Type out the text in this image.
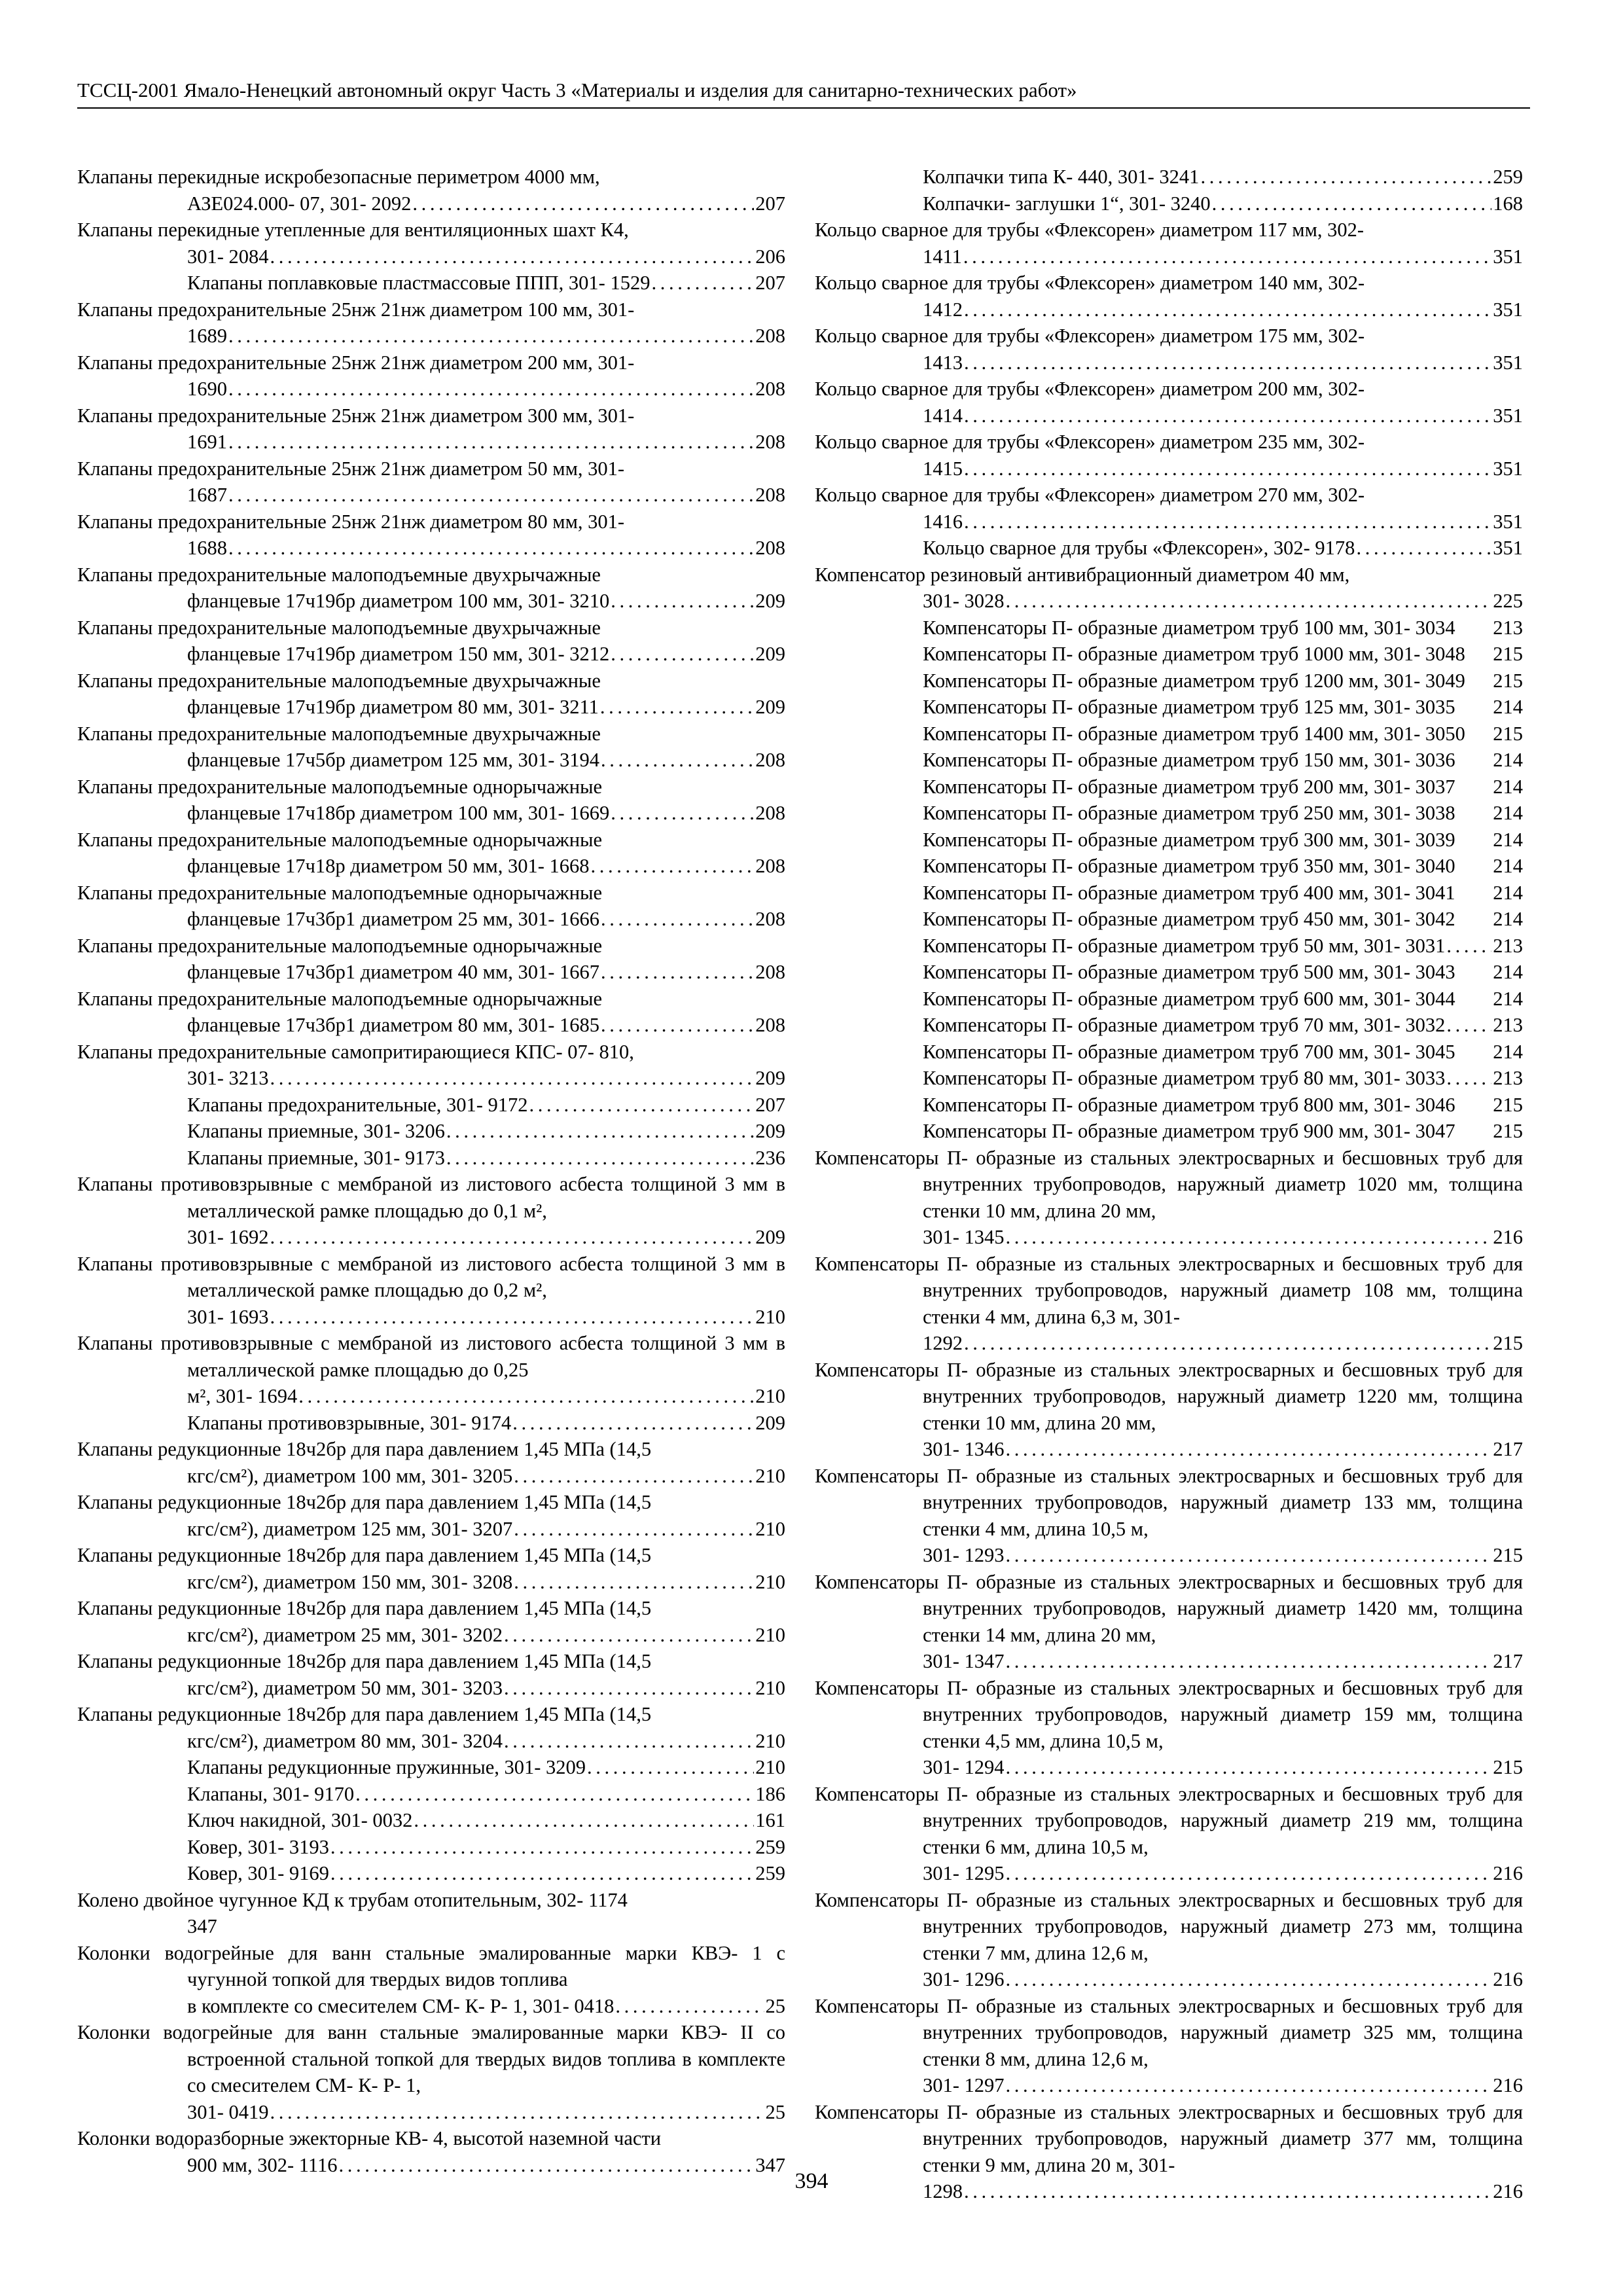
ТССЦ-2001 Ямало-Ненецкий автономный округ Часть 3 «Материалы и изделия для санитарно-технических работ»
Клапаны перекидные искробезопасные периметром 4000 мм,
АЗЕ024.000- 07, 301- 2092 . . .	207
Клапаны перекидные утепленные для вентиляционных шахт К4,
301- 2084 . . .	206
Клапаны поплавковые пластмассовые ППП, 301- 1529 . . .	207
Клапаны предохранительные 25нж 21нж диаметром 100 мм, 301-
1689 . . .	208
Клапаны предохранительные 25нж 21нж диаметром 200 мм, 301-
1690 . . .	208
Клапаны предохранительные 25нж 21нж диаметром 300 мм, 301-
1691 . . .	208
Клапаны предохранительные 25нж 21нж диаметром 50 мм, 301-
1687 . . .	208
Клапаны предохранительные 25нж 21нж диаметром 80 мм, 301-
1688 . . .	208
Клапаны предохранительные малоподъемные двухрычажные
фланцевые 17ч19бр диаметром 100 мм, 301- 3210 . . .	209
Клапаны предохранительные малоподъемные двухрычажные
фланцевые 17ч19бр диаметром 150 мм, 301- 3212 . . .	209
Клапаны предохранительные малоподъемные двухрычажные
фланцевые 17ч19бр диаметром 80 мм, 301- 3211 . . .	209
Клапаны предохранительные малоподъемные двухрычажные
фланцевые 17ч5бр диаметром 125 мм, 301- 3194 . . .	208
Клапаны предохранительные малоподъемные однорычажные
фланцевые 17ч18бр диаметром 100 мм, 301- 1669 . . .	208
Клапаны предохранительные малоподъемные однорычажные
фланцевые 17ч18р диаметром 50 мм, 301- 1668 . . .	208
Клапаны предохранительные малоподъемные однорычажные
фланцевые 17ч3бр1 диаметром 25 мм, 301- 1666 . . .	208
Клапаны предохранительные малоподъемные однорычажные
фланцевые 17ч3бр1 диаметром 40 мм, 301- 1667 . . .	208
Клапаны предохранительные малоподъемные однорычажные
фланцевые 17ч3бр1 диаметром 80 мм, 301- 1685 . . .	208
Клапаны предохранительные самопритирающиеся КПС- 07- 810,
301- 3213 . . .	209
Клапаны предохранительные, 301- 9172 . . .	207
Клапаны приемные, 301- 3206 . . .	209
Клапаны приемные, 301- 9173 . . .	236
Клапаны противовзрывные с мембраной из листового асбеста толщиной 3 мм в металлической рамке площадью до 0,1 м²,
301- 1692 . . .	209
Клапаны противовзрывные с мембраной из листового асбеста толщиной 3 мм в металлической рамке площадью до 0,2 м²,
301- 1693 . . .	210
Клапаны противовзрывные с мембраной из листового асбеста толщиной 3 мм в металлической рамке площадью до 0,25
м², 301- 1694 . . .	210
Клапаны противовзрывные, 301- 9174 . . .	209
Клапаны редукционные 18ч2бр для пара давлением 1,45 МПа (14,5
кгс/см²), диаметром 100 мм, 301- 3205 . . .	210
Клапаны редукционные 18ч2бр для пара давлением 1,45 МПа (14,5
кгс/см²), диаметром 125 мм, 301- 3207 . . .	210
Клапаны редукционные 18ч2бр для пара давлением 1,45 МПа (14,5
кгс/см²), диаметром 150 мм, 301- 3208 . . .	210
Клапаны редукционные 18ч2бр для пара давлением 1,45 МПа (14,5
кгс/см²), диаметром 25 мм, 301- 3202 . . .	210
Клапаны редукционные 18ч2бр для пара давлением 1,45 МПа (14,5
кгс/см²), диаметром 50 мм, 301- 3203 . . .	210
Клапаны редукционные 18ч2бр для пара давлением 1,45 МПа (14,5
кгс/см²), диаметром 80 мм, 301- 3204 . . .	210
Клапаны редукционные пружинные, 301- 3209 . . .	210
Клапаны, 301- 9170 . . .	186
Ключ накидной, 301- 0032 . . .	161
Ковер, 301- 3193 . . .	259
Ковер, 301- 9169 . . .	259
Колено двойное чугунное КД к трубам отопительным, 302- 1174
347
Колонки водогрейные для ванн стальные эмалированные марки КВЭ- 1 с чугунной топкой для твердых видов топлива
в комплекте со смесителем СМ- К- Р- 1, 301- 0418 . . .	25
Колонки водогрейные для ванн стальные эмалированные марки КВЭ- II со встроенной стальной топкой для твердых видов топлива в комплекте со смесителем СМ- К- Р- 1,
301- 0419 . . .	25
Колонки водоразборные эжекторные КВ- 4, высотой наземной части
900 мм, 302- 1116 . . .	347
Колпачки типа К- 440, 301- 3241 . . .	259
Колпачки- заглушки 1“, 301- 3240 . . .	168
Кольцо сварное для трубы «Флексорен» диаметром 117 мм, 302-
1411 . . .	351
Кольцо сварное для трубы «Флексорен» диаметром 140 мм, 302-
1412 . . .	351
Кольцо сварное для трубы «Флексорен» диаметром 175 мм, 302-
1413 . . .	351
Кольцо сварное для трубы «Флексорен» диаметром 200 мм, 302-
1414 . . .	351
Кольцо сварное для трубы «Флексорен» диаметром 235 мм, 302-
1415 . . .	351
Кольцо сварное для трубы «Флексорен» диаметром 270 мм, 302-
1416 . . .	351
Кольцо сварное для трубы «Флексорен», 302- 9178 . . .	351
Компенсатор резиновый антивибрационный диаметром 40 мм,
301- 3028 . . .	225
Компенсаторы П- образные диаметром труб 100 мм, 301- 3034 213
Компенсаторы П- образные диаметром труб 1000 мм, 301- 3048 215
Компенсаторы П- образные диаметром труб 1200 мм, 301- 3049 215
Компенсаторы П- образные диаметром труб 125 мм, 301- 3035 214
Компенсаторы П- образные диаметром труб 1400 мм, 301- 3050 215
Компенсаторы П- образные диаметром труб 150 мм, 301- 3036 214
Компенсаторы П- образные диаметром труб 200 мм, 301- 3037 214
Компенсаторы П- образные диаметром труб 250 мм, 301- 3038 214
Компенсаторы П- образные диаметром труб 300 мм, 301- 3039 214
Компенсаторы П- образные диаметром труб 350 мм, 301- 3040 214
Компенсаторы П- образные диаметром труб 400 мм, 301- 3041 214
Компенсаторы П- образные диаметром труб 450 мм, 301- 3042 214
Компенсаторы П- образные диаметром труб 50 мм, 301- 3031 . . . 213
Компенсаторы П- образные диаметром труб 500 мм, 301- 3043 214
Компенсаторы П- образные диаметром труб 600 мм, 301- 3044 214
Компенсаторы П- образные диаметром труб 70 мм, 301- 3032 . . . 213
Компенсаторы П- образные диаметром труб 700 мм, 301- 3045 214
Компенсаторы П- образные диаметром труб 80 мм, 301- 3033 . . . 213
Компенсаторы П- образные диаметром труб 800 мм, 301- 3046 215
Компенсаторы П- образные диаметром труб 900 мм, 301- 3047 215
Компенсаторы П- образные из стальных электросварных и бесшовных труб для внутренних трубопроводов, наружный диаметр 1020 мм, толщина стенки 10 мм, длина 20 мм,
301- 1345 . . .	216
Компенсаторы П- образные из стальных электросварных и бесшовных труб для внутренних трубопроводов, наружный диаметр 108 мм, толщина стенки 4 мм, длина 6,3 м, 301-
1292 . . .	215
Компенсаторы П- образные из стальных электросварных и бесшовных труб для внутренних трубопроводов, наружный диаметр 1220 мм, толщина стенки 10 мм, длина 20 мм,
301- 1346 . . .	217
Компенсаторы П- образные из стальных электросварных и бесшовных труб для внутренних трубопроводов, наружный диаметр 133 мм, толщина стенки 4 мм, длина 10,5 м,
301- 1293 . . .	215
Компенсаторы П- образные из стальных электросварных и бесшовных труб для внутренних трубопроводов, наружный диаметр 1420 мм, толщина стенки 14 мм, длина 20 мм,
301- 1347 . . .	217
Компенсаторы П- образные из стальных электросварных и бесшовных труб для внутренних трубопроводов, наружный диаметр 159 мм, толщина стенки 4,5 мм, длина 10,5 м,
301- 1294 . . .	215
Компенсаторы П- образные из стальных электросварных и бесшовных труб для внутренних трубопроводов, наружный диаметр 219 мм, толщина стенки 6 мм, длина 10,5 м,
301- 1295 . . .	216
Компенсаторы П- образные из стальных электросварных и бесшовных труб для внутренних трубопроводов, наружный диаметр 273 мм, толщина стенки 7 мм, длина 12,6 м,
301- 1296 . . .	216
Компенсаторы П- образные из стальных электросварных и бесшовных труб для внутренних трубопроводов, наружный диаметр 325 мм, толщина стенки 8 мм, длина 12,6 м,
301- 1297 . . .	216
Компенсаторы П- образные из стальных электросварных и бесшовных труб для внутренних трубопроводов, наружный диаметр 377 мм, толщина стенки 9 мм, длина 20 м, 301-
1298 . . .	216
394
